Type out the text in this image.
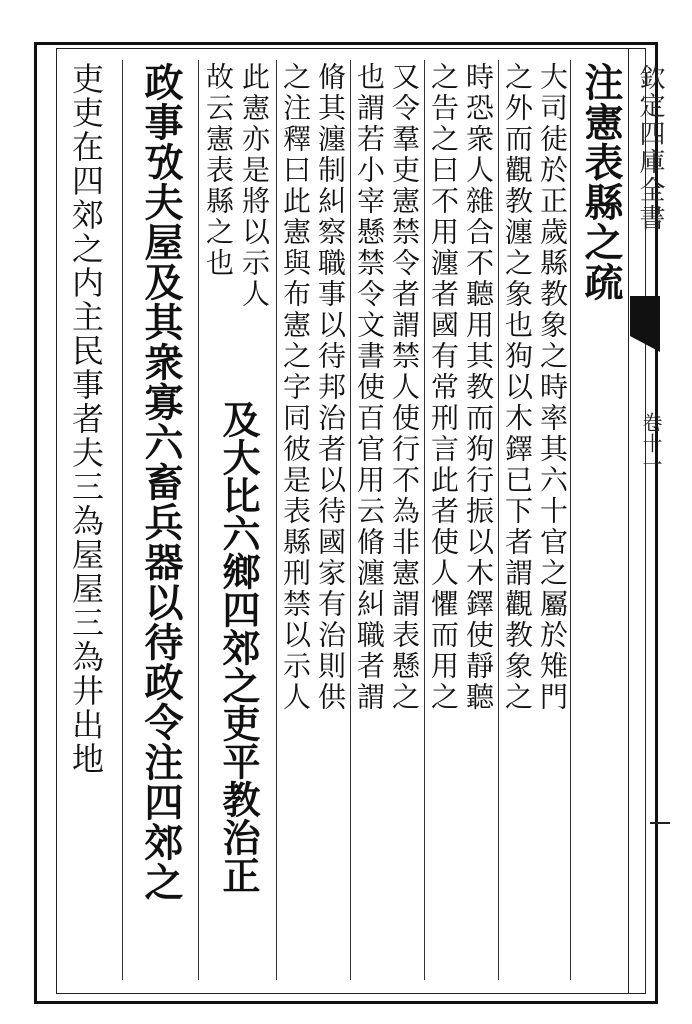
欽定四庫全書
卷十一
注憲表縣之疏
大司徒於正歲縣教象之時率其六十官之屬於雉門
之外而觀教瀍之象也狗以木鐸已下者謂觀教象之
時恐衆人雜合不聽用其教而狗行振以木鐸使靜聽
之告之曰不用瀍者國有常刑言此者使人懼而用之
又令羣吏憲禁令者謂禁人使行不為非憲謂表懸之
也謂若小宰懸禁令文書使百官用云脩瀍糾職者謂
脩其瀍制糾察職事以待邦治者以待國家有治則供
之注釋曰此憲與布憲之字同彼是表縣刑禁以示人
此憲亦是將以示人
故云憲表縣之也
及大比六鄉四郊之吏平教治正
政事攷夫屋及其衆寡六畜兵器以待政令注四郊之
吏吏在四郊之内主民事者夫三為屋屋三為井出地
